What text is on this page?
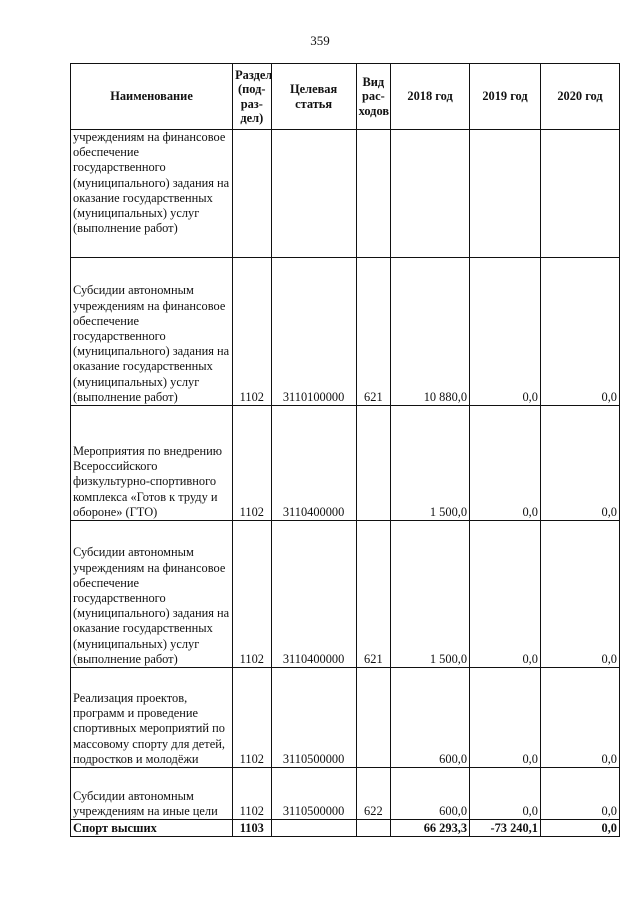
359
Наименование	Раздел (под-раз-дел)	Целевая статья	Вид рас-ходов	2018 год	2019 год	2020 год
учреждениям на финансовое обеспечение государственного (муниципального) задания на оказание государственных (муниципальных) услуг (выполнение работ)						
Субсидии автономным учреждениям на финансовое обеспечение государственного (муниципального) задания на оказание государственных (муниципальных) услуг (выполнение работ)	1102	3110100000	621	10 880,0	0,0	0,0
Мероприятия по внедрению Всероссийского физкультурно-спортивного комплекса «Готов к труду и обороне» (ГТО)	1102	3110400000		1 500,0	0,0	0,0
Субсидии автономным учреждениям на финансовое обеспечение государственного (муниципального) задания на оказание государственных (муниципальных) услуг (выполнение работ)	1102	3110400000	621	1 500,0	0,0	0,0
Реализация проектов, программ и проведение спортивных мероприятий по массовому спорту для детей, подростков и молодёжи	1102	3110500000		600,0	0,0	0,0
Субсидии автономным учреждениям на иные цели	1102	3110500000	622	600,0	0,0	0,0
Спорт высших	1103			66 293,3	-73 240,1	0,0
